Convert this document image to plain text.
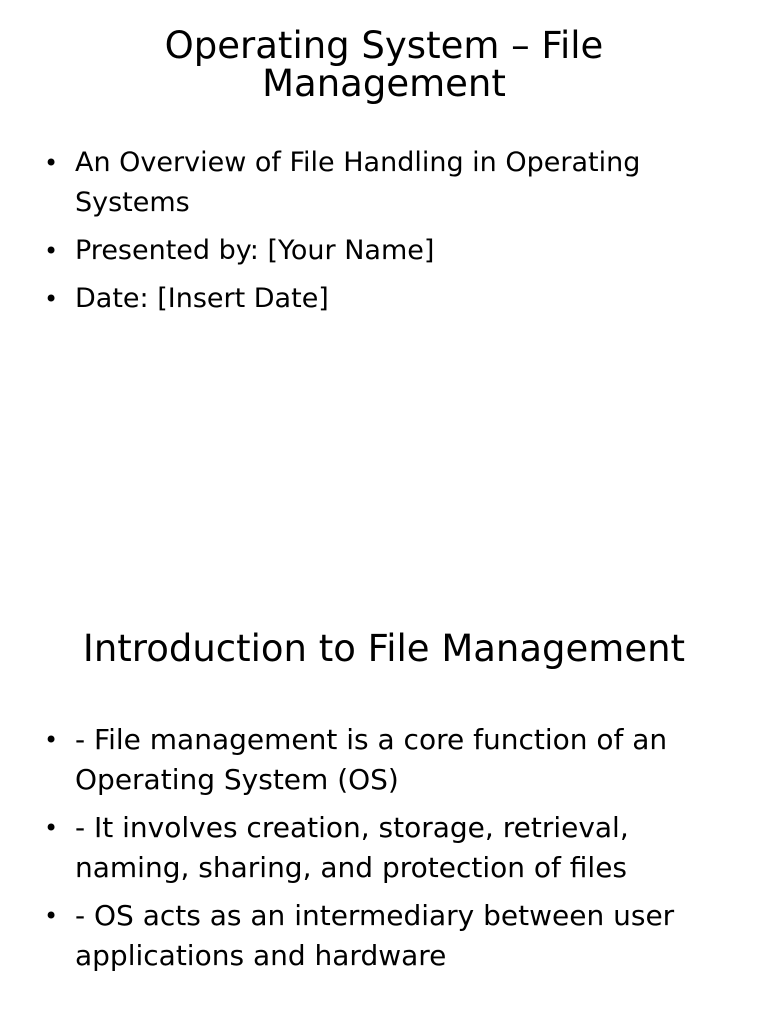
Operating System – File Management
• An Overview of File Handling in Operating Systems
• Presented by: [Your Name]
• Date: [Insert Date]
Introduction to File Management
• - File management is a core function of an Operating System (OS)
• - It involves creation, storage, retrieval, naming, sharing, and protection of files
• - OS acts as an intermediary between user applications and hardware
